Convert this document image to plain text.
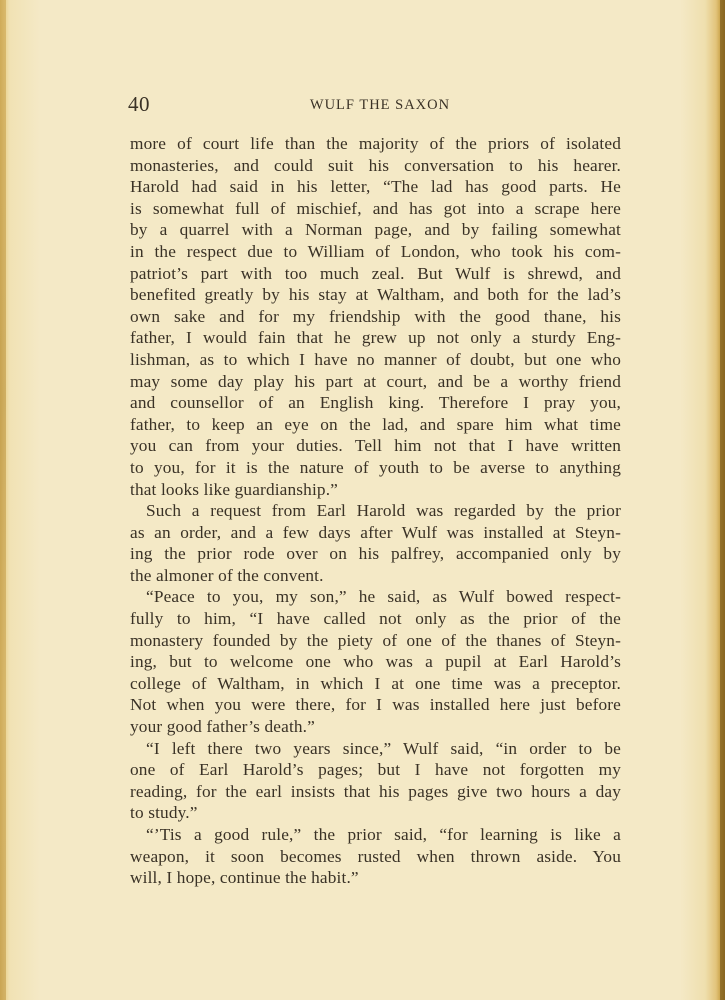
40	WULF THE SAXON
more of court life than the majority of the priors of isolated
monasteries, and could suit his conversation to his hearer.
Harold had said in his letter, “The lad has good parts. He
is somewhat full of mischief, and has got into a scrape here
by a quarrel with a Norman page, and by failing somewhat
in the respect due to William of London, who took his com-
patriot’s part with too much zeal. But Wulf is shrewd, and
benefited greatly by his stay at Waltham, and both for the lad’s
own sake and for my friendship with the good thane, his
father, I would fain that he grew up not only a sturdy Eng-
lishman, as to which I have no manner of doubt, but one who
may some day play his part at court, and be a worthy friend
and counsellor of an English king. Therefore I pray you,
father, to keep an eye on the lad, and spare him what time
you can from your duties. Tell him not that I have written
to you, for it is the nature of youth to be averse to anything
that looks like guardianship.”
Such a request from Earl Harold was regarded by the prior
as an order, and a few days after Wulf was installed at Steyn-
ing the prior rode over on his palfrey, accompanied only by
the almoner of the convent.
“Peace to you, my son,” he said, as Wulf bowed respect-
fully to him, “I have called not only as the prior of the
monastery founded by the piety of one of the thanes of Steyn-
ing, but to welcome one who was a pupil at Earl Harold’s
college of Waltham, in which I at one time was a preceptor.
Not when you were there, for I was installed here just before
your good father’s death.”
“I left there two years since,” Wulf said, “in order to be
one of Earl Harold’s pages; but I have not forgotten my
reading, for the earl insists that his pages give two hours a day
to study.”
“’Tis a good rule,” the prior said, “for learning is like a
weapon, it soon becomes rusted when thrown aside. You
will, I hope, continue the habit.”
